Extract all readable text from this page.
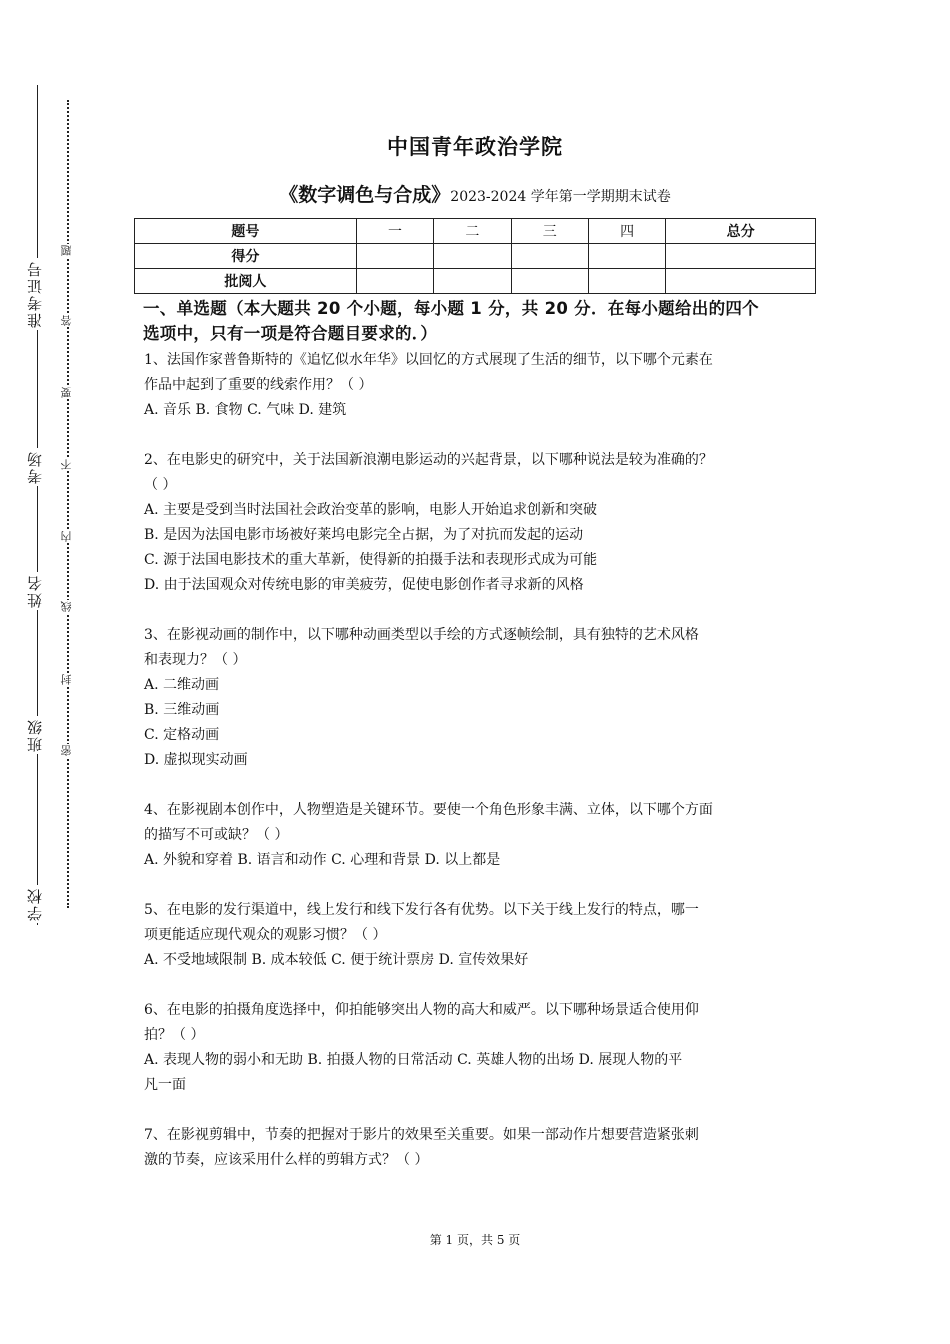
准考证号
考场
姓名
班级
学校
题
答
要
不
内
线
封
密
中国青年政治学院
《数字调色与合成》2023-2024 学年第一学期期末试卷
题号	一	二	三	四	总分
得分					
批阅人					
一、单选题（本大题共 20 个小题，每小题 1 分，共 20 分．在每小题给出的四个
选项中，只有一项是符合题目要求的．）

1、法国作家普鲁斯特的《追忆似水年华》以回忆的方式展现了生活的细节，以下哪个元素在

作品中起到了重要的线索作用？（ ）

A. 音乐 B. 食物 C. 气味 D. 建筑

2、在电影史的研究中，关于法国新浪潮电影运动的兴起背景，以下哪种说法是较为准确的？

（ ）

A. 主要是受到当时法国社会政治变革的影响，电影人开始追求创新和突破

B. 是因为法国电影市场被好莱坞电影完全占据，为了对抗而发起的运动

C. 源于法国电影技术的重大革新，使得新的拍摄手法和表现形式成为可能

D. 由于法国观众对传统电影的审美疲劳，促使电影创作者寻求新的风格

3、在影视动画的制作中，以下哪种动画类型以手绘的方式逐帧绘制，具有独特的艺术风格

和表现力？（ ）

A. 二维动画

B. 三维动画

C. 定格动画

D. 虚拟现实动画

4、在影视剧本创作中，人物塑造是关键环节。要使一个角色形象丰满、立体，以下哪个方面

的描写不可或缺？（ ）

A. 外貌和穿着 B. 语言和动作 C. 心理和背景 D. 以上都是

5、在电影的发行渠道中，线上发行和线下发行各有优势。以下关于线上发行的特点，哪一

项更能适应现代观众的观影习惯？（ ）

A. 不受地域限制 B. 成本较低 C. 便于统计票房 D. 宣传效果好

6、在电影的拍摄角度选择中，仰拍能够突出人物的高大和威严。以下哪种场景适合使用仰

拍？（ ）

A. 表现人物的弱小和无助 B. 拍摄人物的日常活动 C. 英雄人物的出场 D. 展现人物的平

凡一面

7、在影视剪辑中，节奏的把握对于影片的效果至关重要。如果一部动作片想要营造紧张刺

激的节奏，应该采用什么样的剪辑方式？（ ）

第 1 页，共 5 页
